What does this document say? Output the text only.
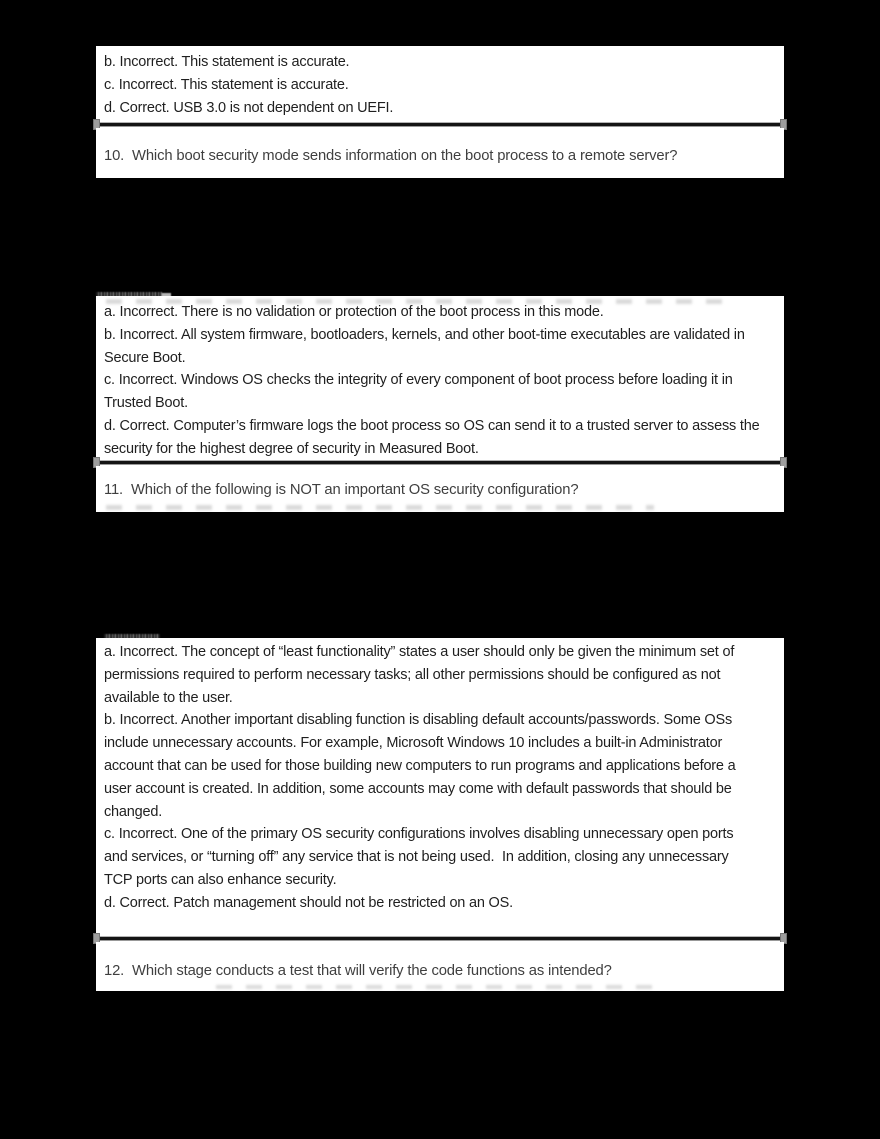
b. Incorrect. This statement is accurate.
c. Incorrect. This statement is accurate.
d. Correct. USB 3.0 is not dependent on UEFI.
10.  Which boot security mode sends information on the boot process to a remote server?
a. Incorrect. There is no validation or protection of the boot process in this mode.
b. Incorrect. All system firmware, bootloaders, kernels, and other boot-time executables are validated in
Secure Boot.
c. Incorrect. Windows OS checks the integrity of every component of boot process before loading it in
Trusted Boot.
d. Correct. Computer’s firmware logs the boot process so OS can send it to a trusted server to assess the
security for the highest degree of security in Measured Boot.
11.  Which of the following is NOT an important OS security configuration?
a. Incorrect. The concept of “least functionality” states a user should only be given the minimum set of
permissions required to perform necessary tasks; all other permissions should be configured as not
available to the user.
b. Incorrect. Another important disabling function is disabling default accounts/passwords. Some OSs
include unnecessary accounts. For example, Microsoft Windows 10 includes a built-in Administrator
account that can be used for those building new computers to run programs and applications before a
user account is created. In addition, some accounts may come with default passwords that should be
changed.
c. Incorrect. One of the primary OS security configurations involves disabling unnecessary open ports
and services, or “turning off” any service that is not being used.  In addition, closing any unnecessary
TCP ports can also enhance security.
d. Correct. Patch management should not be restricted on an OS.
12.  Which stage conducts a test that will verify the code functions as intended?
